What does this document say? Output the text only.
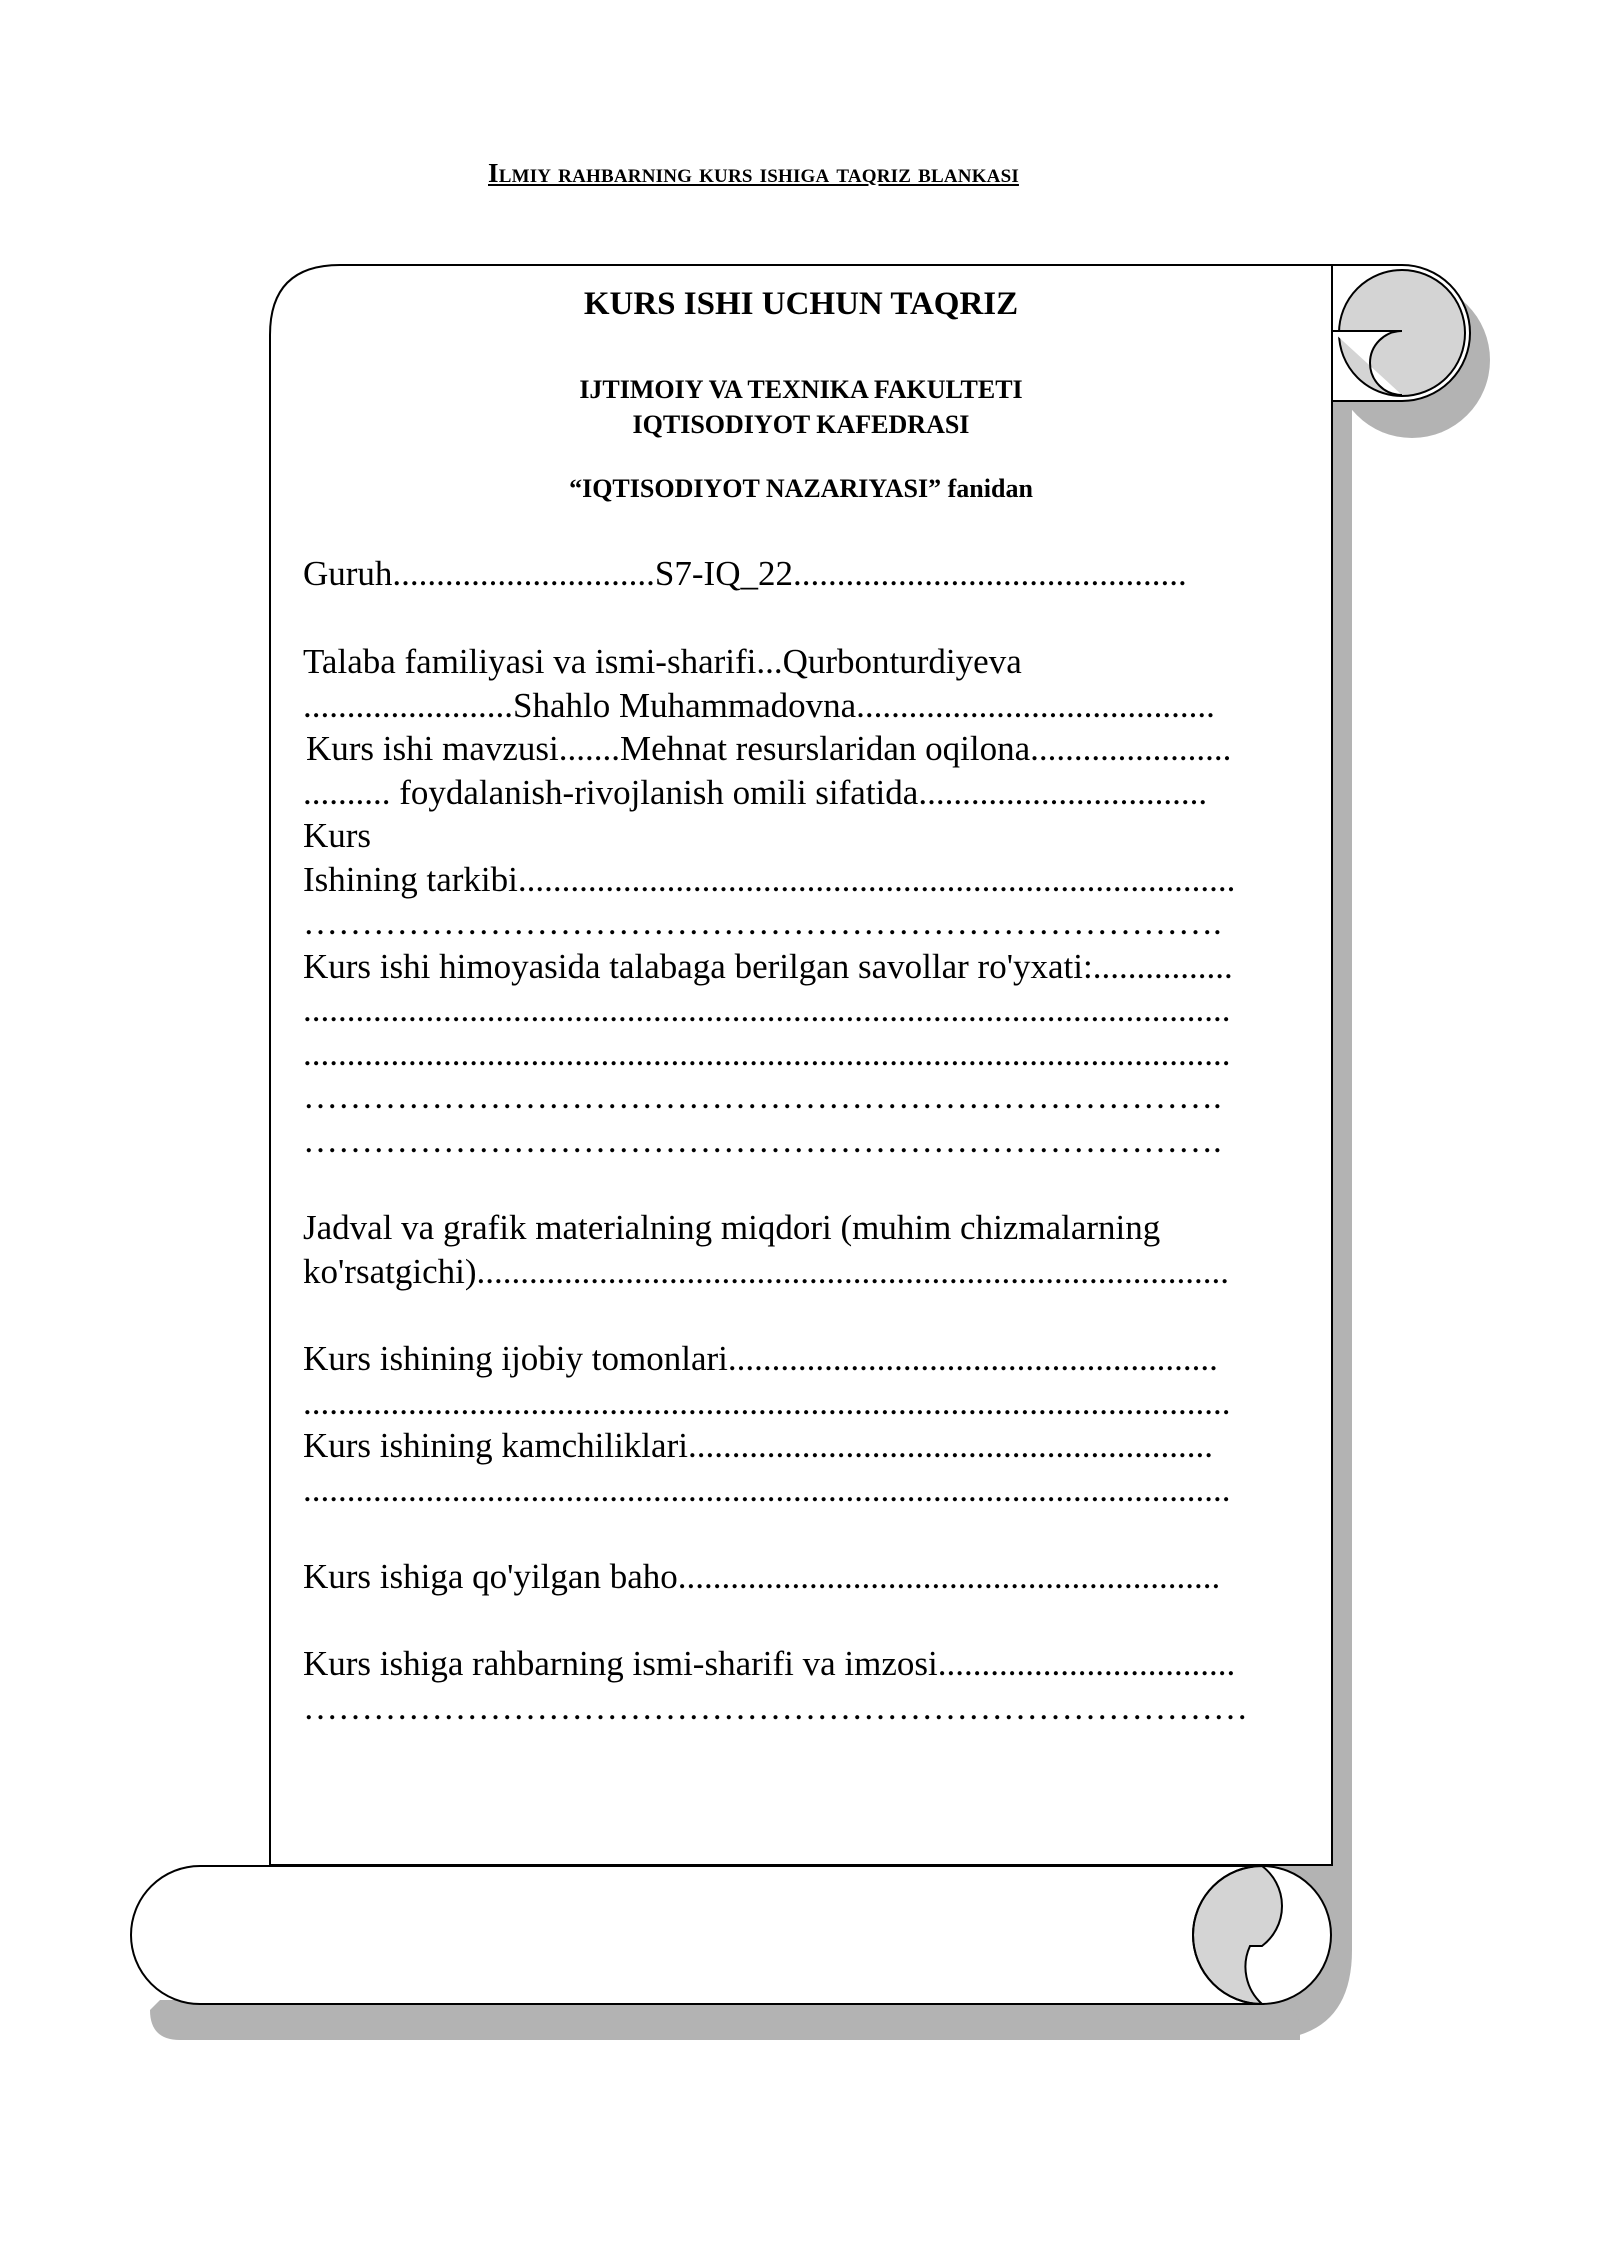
Ilmiy rahbarning kurs ishiga taqriz blankasi
KURS ISHI UCHUN TAQRIZ
IJTIMOIY VA TEXNIKA FAKULTETI
IQTISODIYOT KAFEDRASI
“IQTISODIYOT NAZARIYASI” fanidan
Guruh..............................S7-IQ_22.............................................
Talaba familiyasi va ismi-sharifi...Qurbonturdiyeva
........................Shahlo Muhammadovna.........................................
Kurs ishi mavzusi.......Mehnat resurslaridan oqilona.......................
.......... foydalanish-rivojlanish omili sifatida.................................
Kurs
Ishining tarkibi..................................................................................
…………………………………………………………………….
Kurs ishi himoyasida talabaga berilgan savollar ro'yxati:................
..........................................................................................................
..........................................................................................................
…………………………………………………………………….
…………………………………………………………………….
Jadval va grafik materialning miqdori (muhim chizmalarning
ko'rsatgichi)......................................................................................
Kurs ishining ijobiy tomonlari........................................................
..........................................................................................................
Kurs ishining kamchiliklari............................................................
..........................................................................................................
Kurs ishiga qo'yilgan baho..............................................................
Kurs ishiga rahbarning ismi-sharifi va imzosi..................................
………………………………………………………………………
